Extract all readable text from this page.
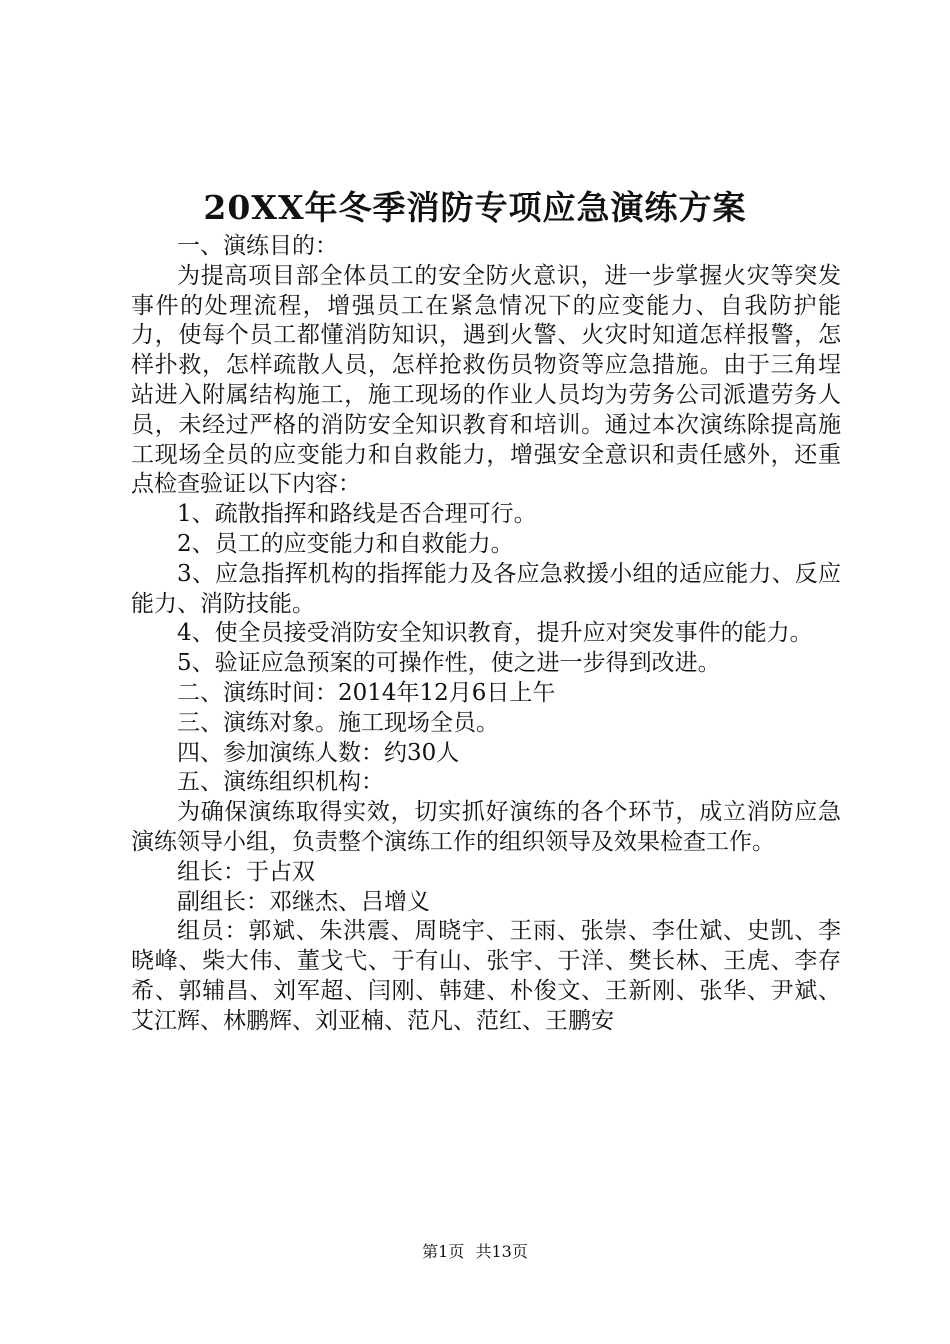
20XX年冬季消防专项应急演练方案

一、演练目的：

为提高项目部全体员工的安全防火意识，进一步掌握火灾等突发事件的处理流程，增强员工在紧急情况下的应变能力、自我防护能力，使每个员工都懂消防知识，遇到火警、火灾时知道怎样报警，怎样扑救，怎样疏散人员，怎样抢救伤员物资等应急措施。由于三角埕站进入附属结构施工，施工现场的作业人员均为劳务公司派遣劳务人员，未经过严格的消防安全知识教育和培训。通过本次演练除提高施工现场全员的应变能力和自救能力，增强安全意识和责任感外，还重点检查验证以下内容：

1、疏散指挥和路线是否合理可行。

2、员工的应变能力和自救能力。

3、应急指挥机构的指挥能力及各应急救援小组的适应能力、反应能力、消防技能。

4、使全员接受消防安全知识教育，提升应对突发事件的能力。

5、验证应急预案的可操作性，使之进一步得到改进。

二、演练时间：2014年12月6日上午

三、演练对象。施工现场全员。

四、参加演练人数：约30人

五、演练组织机构：

为确保演练取得实效，切实抓好演练的各个环节，成立消防应急演练领导小组，负责整个演练工作的组织领导及效果检查工作。

组长：于占双

副组长：邓继杰、吕增义

组员：郭斌、朱洪震、周晓宇、王雨、张崇、李仕斌、史凯、李晓峰、柴大伟、董戈弋、于有山、张宇、于洋、樊长林、王虎、李存希、郭辅昌、刘军超、闫刚、韩建、朴俊文、王新刚、张华、尹斌、艾江辉、林鹏辉、刘亚楠、范凡、范红、王鹏安

第1页 共13页
